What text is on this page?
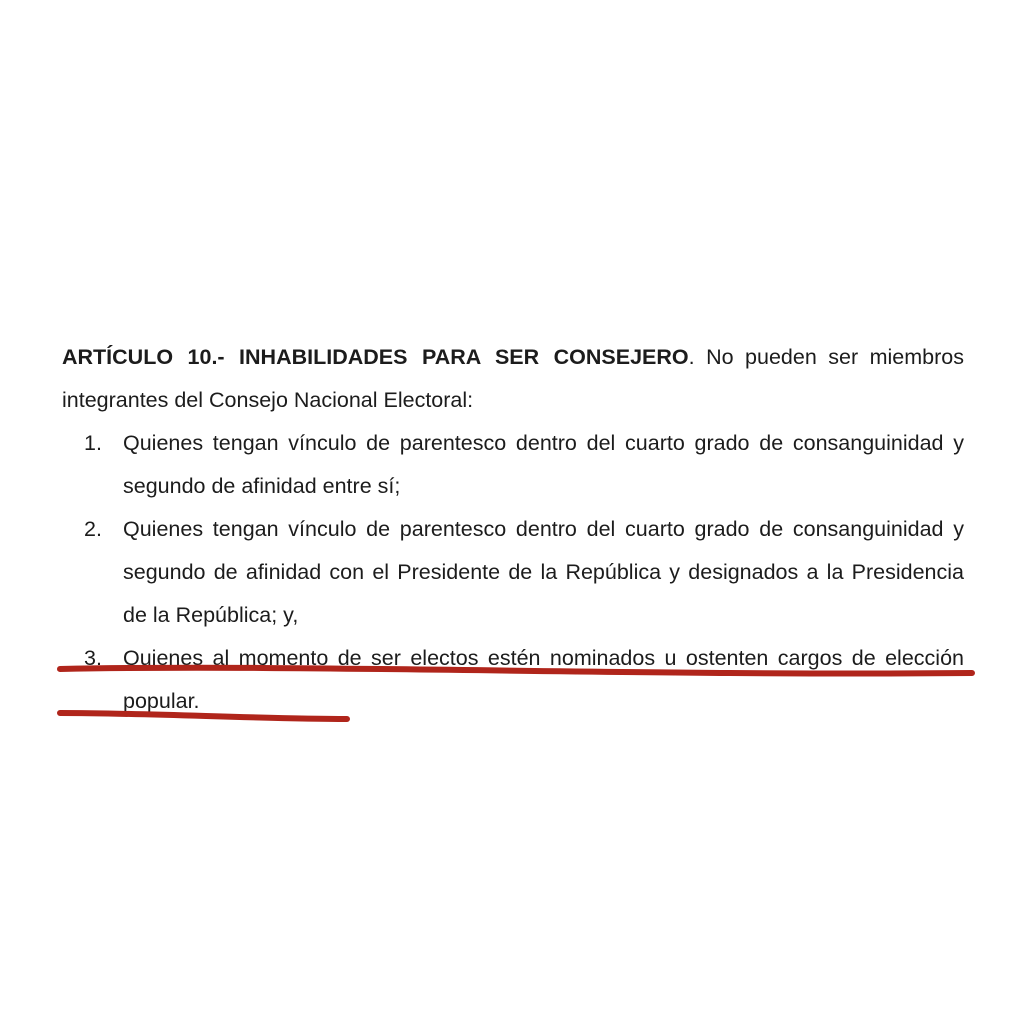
ARTÍCULO 10.- INHABILIDADES PARA SER CONSEJERO. No pueden ser miembros integrantes del Consejo Nacional Electoral:

1. Quienes tengan vínculo de parentesco dentro del cuarto grado de consanguinidad y segundo de afinidad entre sí;
2. Quienes tengan vínculo de parentesco dentro del cuarto grado de consanguinidad y segundo de afinidad con el Presidente de la República y designados a la Presidencia de la República; y,
3. Quienes al momento de ser electos estén nominados u ostenten cargos de elección popular.
